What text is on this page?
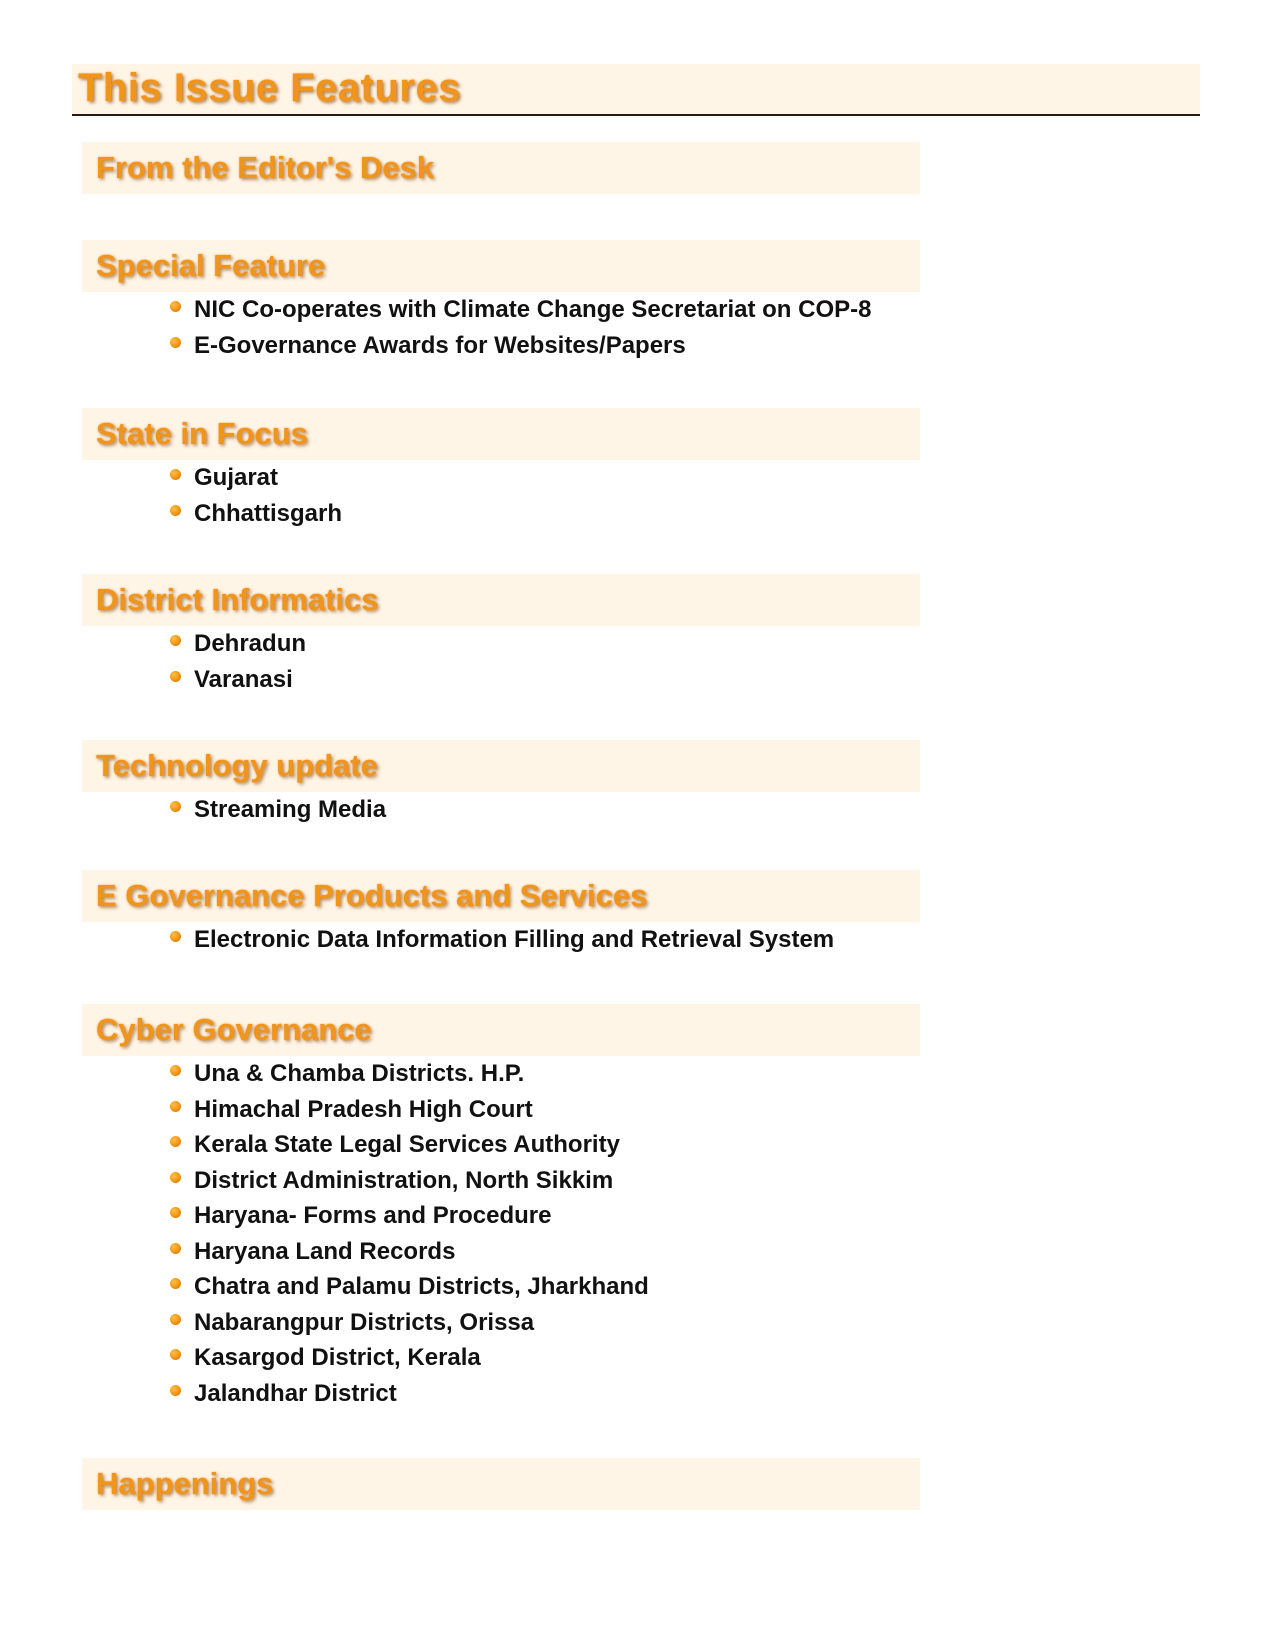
This Issue Features
From the Editor's Desk
Special Feature
NIC Co-operates with Climate Change Secretariat on COP-8
E-Governance Awards for Websites/Papers
State in Focus
Gujarat
Chhattisgarh
District Informatics
Dehradun
Varanasi
Technology update
Streaming Media
E Governance Products and Services
Electronic Data Information Filling and Retrieval System
Cyber Governance
Una & Chamba Districts. H.P.
Himachal Pradesh High Court
Kerala State Legal Services Authority
District Administration, North Sikkim
Haryana- Forms and Procedure
Haryana Land Records
Chatra and Palamu Districts, Jharkhand
Nabarangpur Districts, Orissa
Kasargod District, Kerala
Jalandhar District
Happenings
